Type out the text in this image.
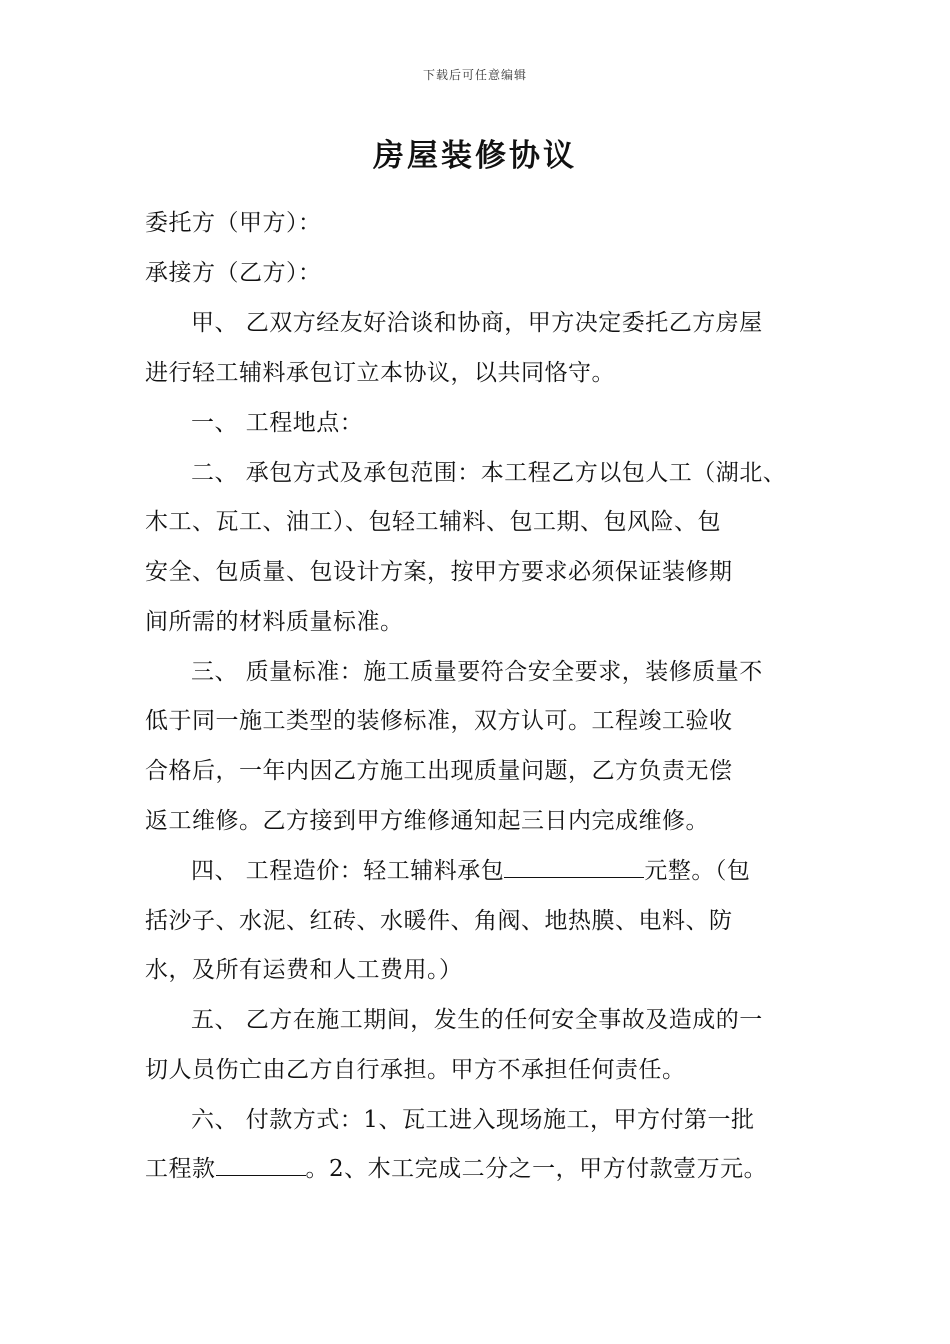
下载后可任意编辑
房屋装修协议
委托方（甲方）：
承接方（乙方）：
甲、 乙双方经友好洽谈和协商，甲方决定委托乙方房屋
进行轻工辅料承包订立本协议，以共同恪守。
一、 工程地点：
二、 承包方式及承包范围：本工程乙方以包人工（湖北、
木工、瓦工、油工）、包轻工辅料、包工期、包风险、包
安全、包质量、包设计方案，按甲方要求必须保证装修期
间所需的材料质量标准。
三、 质量标准：施工质量要符合安全要求，装修质量不
低于同一施工类型的装修标准，双方认可。工程竣工验收
合格后，一年内因乙方施工出现质量问题，乙方负责无偿
返工维修。乙方接到甲方维修通知起三日内完成维修。
四、 工程造价：轻工辅料承包	元整。（包
括沙子、水泥、红砖、水暖件、角阀、地热膜、电料、防
水，及所有运费和人工费用。）
五、 乙方在施工期间，发生的任何安全事故及造成的一
切人员伤亡由乙方自行承担。甲方不承担任何责任。
六、 付款方式：1、瓦工进入现场施工，甲方付第一批
工程款	。2、木工完成二分之一，甲方付款壹万元。
